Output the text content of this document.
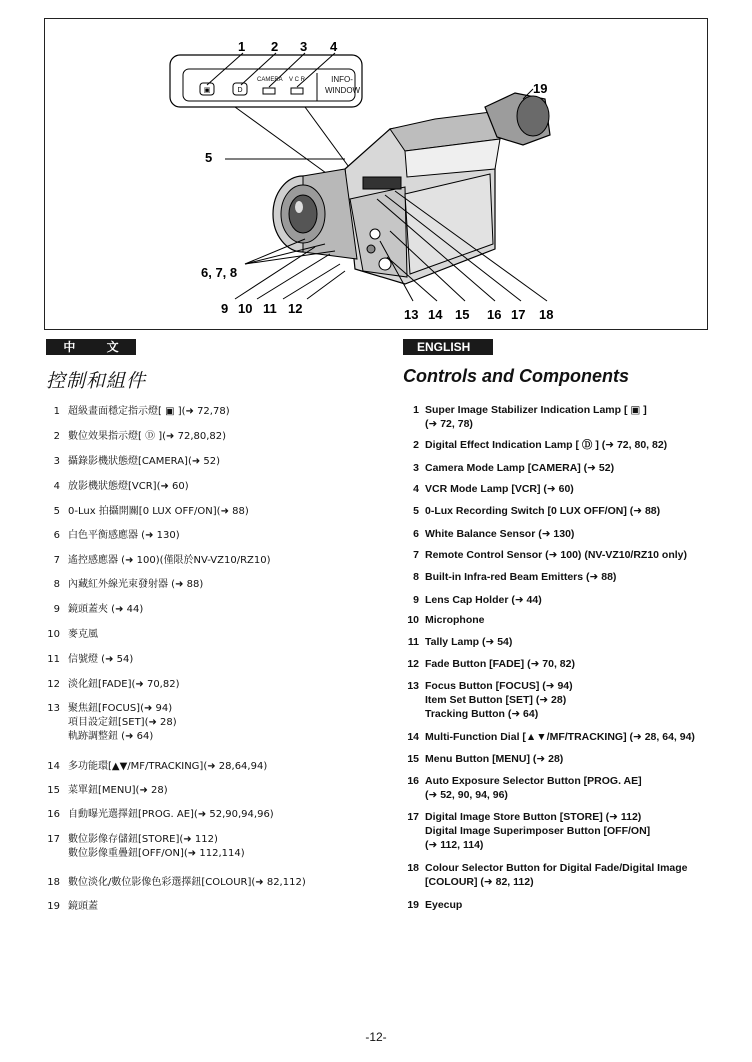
D
▣
1 2 3 4
5
6, 7, 8
9 10 11 12	13 14 15 16 17 18
19
CAMERA V C R	INFO-
WINDOW
中 文	ENGLISH
控制和組件	Controls and Components
1 超級畫面穩定指示燈[ ▣ ](➜ 72,78)
2 數位效果指示燈[ Ⓓ ](➜ 72,80,82)
3 攝錄影機狀態燈[CAMERA](➜ 52)
4 放影機狀態燈[VCR](➜ 60)
5 0-Lux 拍攝開關[0 LUX OFF/ON](➜ 88)
6 白色平衡感應器 (➜ 130)
7 遙控感應器 (➜ 100)(僅限於NV-VZ10/RZ10)
8 內藏紅外線光束發射器 (➜ 88)
9 鏡頭蓋夾 (➜ 44)
10 麥克風
11 信號燈 (➜ 54)
12 淡化鈕[FADE](➜ 70,82)
13 聚焦鈕[FOCUS](➜ 94)
項目設定鈕[SET](➜ 28)
軌跡調整鈕 (➜ 64)
14 多功能環[▲▼/MF/TRACKING](➜ 28,64,94)
15 菜單鈕[MENU](➜ 28)
16 自動曝光選擇鈕[PROG. AE](➜ 52,90,94,96)
17 數位影像存儲鈕[STORE](➜ 112)
數位影像重疊鈕[OFF/ON](➜ 112,114)
18 數位淡化/數位影像色彩選擇鈕[COLOUR](➜ 82,112)
19 鏡頭蓋
1 Super Image Stabilizer Indication Lamp [ ▣ ]
(➜ 72, 78)
2 Digital Effect Indication Lamp [ Ⓓ ] (➜ 72, 80, 82)
3 Camera Mode Lamp [CAMERA] (➜ 52)
4 VCR Mode Lamp [VCR] (➜ 60)
5 0-Lux Recording Switch [0 LUX OFF/ON] (➜ 88)
6 White Balance Sensor (➜ 130)
7 Remote Control Sensor (➜ 100) (NV-VZ10/RZ10 only)
8 Built-in Infra-red Beam Emitters (➜ 88)
9 Lens Cap Holder (➜ 44)
10 Microphone
11 Tally Lamp (➜ 54)
12 Fade Button [FADE] (➜ 70, 82)
13 Focus Button [FOCUS] (➜ 94)
Item Set Button [SET] (➜ 28)
Tracking Button (➜ 64)
14 Multi-Function Dial [▲▼/MF/TRACKING] (➜ 28, 64, 94)
15 Menu Button [MENU] (➜ 28)
16 Auto Exposure Selector Button [PROG. AE]
(➜ 52, 90, 94, 96)
17 Digital Image Store Button [STORE] (➜ 112)
Digital Image Superimposer Button [OFF/ON]
(➜ 112, 114)
18 Colour Selector Button for Digital Fade/Digital Image
[COLOUR] (➜ 82, 112)
19 Eyecup
-12-
